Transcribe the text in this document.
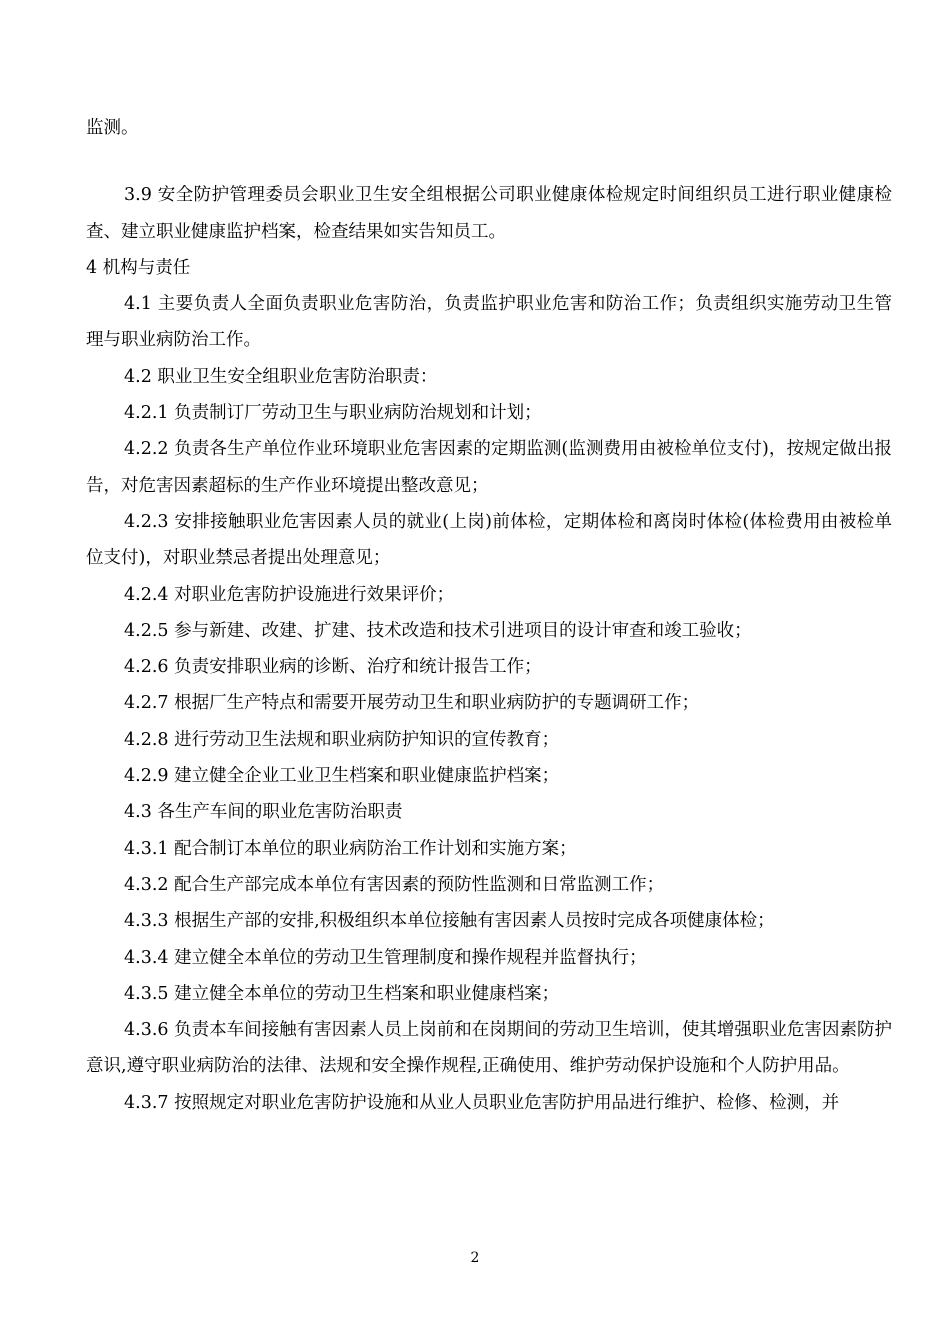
监测。

3.9 安全防护管理委员会职业卫生安全组根据公司职业健康体检规定时间组织员工进行职业健康检查、建立职业健康监护档案，检查结果如实告知员工。

4 机构与责任

4.1 主要负责人全面负责职业危害防治，负责监护职业危害和防治工作；负责组织实施劳动卫生管理与职业病防治工作。

4.2 职业卫生安全组职业危害防治职责：

4.2.1 负责制订厂劳动卫生与职业病防治规划和计划；

4.2.2 负责各生产单位作业环境职业危害因素的定期监测(监测费用由被检单位支付)，按规定做出报告，对危害因素超标的生产作业环境提出整改意见；

4.2.3 安排接触职业危害因素人员的就业(上岗)前体检，定期体检和离岗时体检(体检费用由被检单位支付)，对职业禁忌者提出处理意见；

4.2.4 对职业危害防护设施进行效果评价；

4.2.5 参与新建、改建、扩建、技术改造和技术引进项目的设计审查和竣工验收；

4.2.6 负责安排职业病的诊断、治疗和统计报告工作；

4.2.7 根据厂生产特点和需要开展劳动卫生和职业病防护的专题调研工作；

4.2.8 进行劳动卫生法规和职业病防护知识的宣传教育；

4.2.9 建立健全企业工业卫生档案和职业健康监护档案；

4.3 各生产车间的职业危害防治职责

4.3.1 配合制订本单位的职业病防治工作计划和实施方案；

4.3.2 配合生产部完成本单位有害因素的预防性监测和日常监测工作；

4.3.3 根据生产部的安排,积极组织本单位接触有害因素人员按时完成各项健康体检；

4.3.4 建立健全本单位的劳动卫生管理制度和操作规程并监督执行；

4.3.5 建立健全本单位的劳动卫生档案和职业健康档案；

4.3.6 负责本车间接触有害因素人员上岗前和在岗期间的劳动卫生培训，使其增强职业危害因素防护意识,遵守职业病防治的法律、法规和安全操作规程,正确使用、维护劳动保护设施和个人防护用品。

4.3.7 按照规定对职业危害防护设施和从业人员职业危害防护用品进行维护、检修、检测，并

2
